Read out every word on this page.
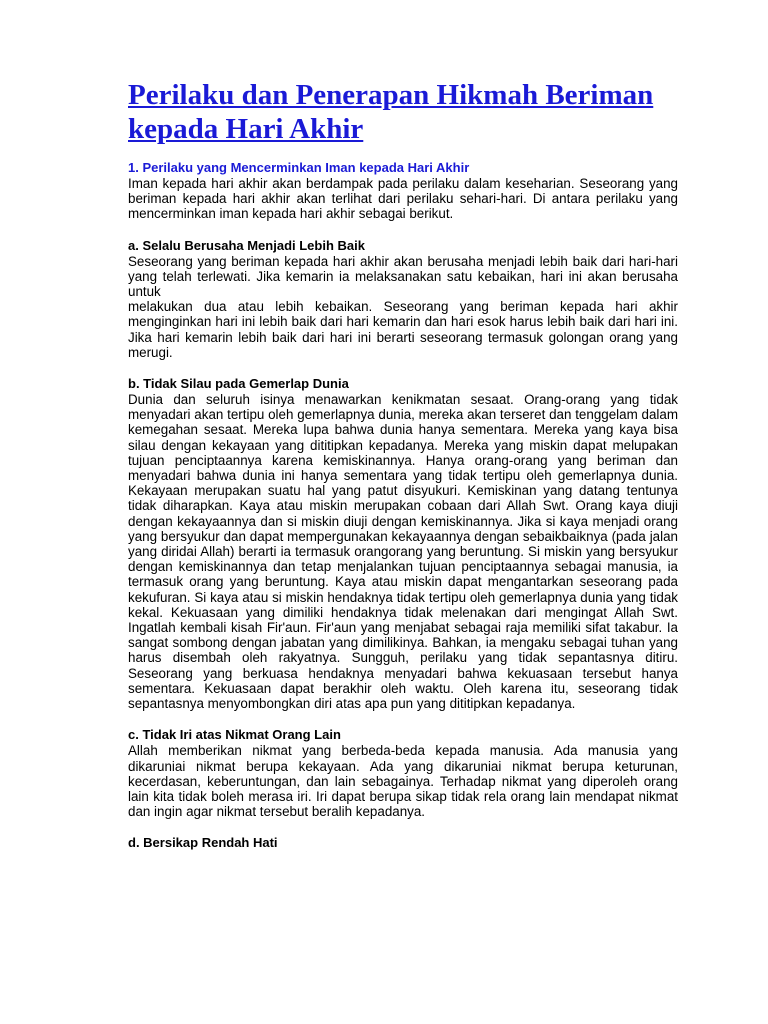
Perilaku dan Penerapan Hikmah Beriman kepada Hari Akhir
1. Perilaku yang Mencerminkan Iman kepada Hari Akhir

Iman kepada hari akhir akan berdampak pada perilaku dalam keseharian. Seseorang yang beriman kepada hari akhir akan terlihat dari perilaku sehari-hari. Di antara perilaku yang mencerminkan iman kepada hari akhir sebagai berikut.

a. Selalu Berusaha Menjadi Lebih Baik

Seseorang yang beriman kepada hari akhir akan berusaha menjadi lebih baik dari hari-hari yang telah terlewati. Jika kemarin ia melaksanakan satu kebaikan, hari ini akan berusaha untuk

melakukan dua atau lebih kebaikan. Seseorang yang beriman kepada hari akhir menginginkan hari ini lebih baik dari hari kemarin dan hari esok harus lebih baik dari hari ini. Jika hari kemarin lebih baik dari hari ini berarti seseorang termasuk golongan orang yang merugi.

b. Tidak Silau pada Gemerlap Dunia

Dunia dan seluruh isinya menawarkan kenikmatan sesaat. Orang-orang yang tidak menyadari akan tertipu oleh gemerlapnya dunia, mereka akan terseret dan tenggelam dalam kemegahan sesaat. Mereka lupa bahwa dunia hanya sementara. Mereka yang kaya bisa silau dengan kekayaan yang dititipkan kepadanya. Mereka yang miskin dapat melupakan tujuan penciptaannya karena kemiskinannya. Hanya orang-orang yang beriman dan menyadari bahwa dunia ini hanya sementara yang tidak tertipu oleh gemerlapnya dunia. Kekayaan merupakan suatu hal yang patut disyukuri. Kemiskinan yang datang tentunya tidak diharapkan. Kaya atau miskin merupakan cobaan dari Allah Swt. Orang kaya diuji dengan kekayaannya dan si miskin diuji dengan kemiskinannya. Jika si kaya menjadi orang yang bersyukur dan dapat mempergunakan kekayaannya dengan sebaikbaiknya (pada jalan yang diridai Allah) berarti ia termasuk orangorang yang beruntung. Si miskin yang bersyukur dengan kemiskinannya dan tetap menjalankan tujuan penciptaannya sebagai manusia, ia termasuk orang yang beruntung. Kaya atau miskin dapat mengantarkan seseorang pada kekufuran. Si kaya atau si miskin hendaknya tidak tertipu oleh gemerlapnya dunia yang tidak kekal. Kekuasaan yang dimiliki hendaknya tidak melenakan dari mengingat Allah Swt. Ingatlah kembali kisah Fir'aun. Fir'aun yang menjabat sebagai raja memiliki sifat takabur. Ia sangat sombong dengan jabatan yang dimilikinya. Bahkan, ia mengaku sebagai tuhan yang harus disembah oleh rakyatnya. Sungguh, perilaku yang tidak sepantasnya ditiru. Seseorang yang berkuasa hendaknya menyadari bahwa kekuasaan tersebut hanya sementara. Kekuasaan dapat berakhir oleh waktu. Oleh karena itu, seseorang tidak sepantasnya menyombongkan diri atas apa pun yang dititipkan kepadanya.

c. Tidak Iri atas Nikmat Orang Lain

Allah memberikan nikmat yang berbeda-beda kepada manusia. Ada manusia yang dikaruniai nikmat berupa kekayaan. Ada yang dikaruniai nikmat berupa keturunan, kecerdasan, keberuntungan, dan lain sebagainya. Terhadap nikmat yang diperoleh orang lain kita tidak boleh merasa iri. Iri dapat berupa sikap tidak rela orang lain mendapat nikmat dan ingin agar nikmat tersebut beralih kepadanya.

d. Bersikap Rendah Hati
